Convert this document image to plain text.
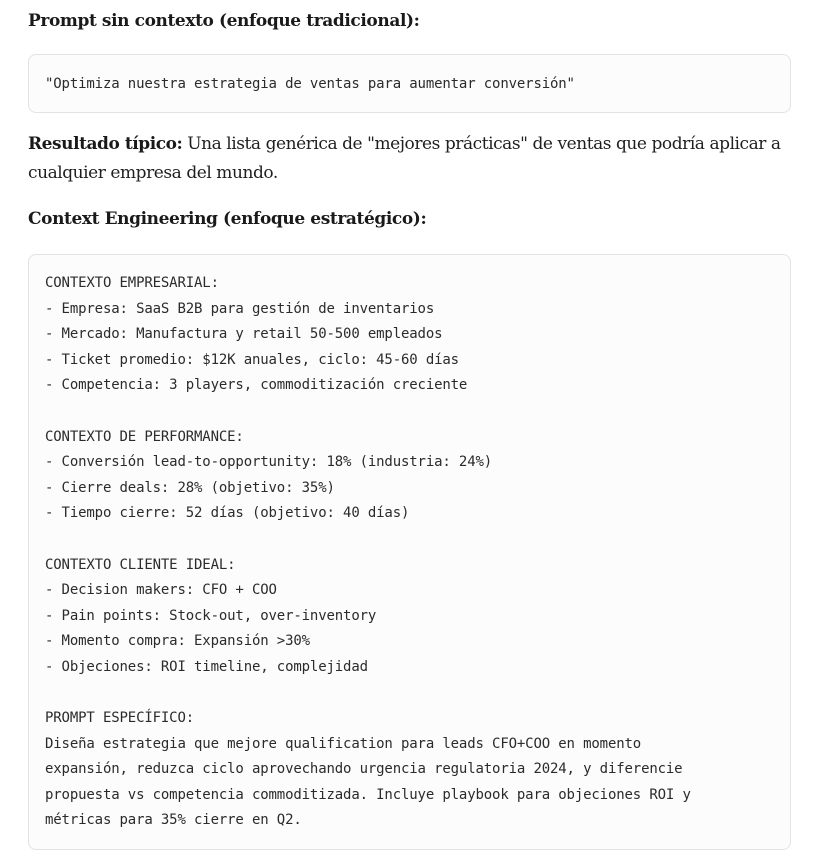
Prompt sin contexto (enfoque tradicional):
"Optimiza nuestra estrategia de ventas para aumentar conversión"

Resultado típico: Una lista genérica de "mejores prácticas" de ventas que podría aplicar a cualquier empresa del mundo.

Context Engineering (enfoque estratégico):
CONTEXTO EMPRESARIAL:
- Empresa: SaaS B2B para gestión de inventarios
- Mercado: Manufactura y retail 50-500 empleados
- Ticket promedio: $12K anuales, ciclo: 45-60 días
- Competencia: 3 players, commoditización creciente

CONTEXTO DE PERFORMANCE:
- Conversión lead-to-opportunity: 18% (industria: 24%)
- Cierre deals: 28% (objetivo: 35%)
- Tiempo cierre: 52 días (objetivo: 40 días)

CONTEXTO CLIENTE IDEAL:
- Decision makers: CFO + COO
- Pain points: Stock-out, over-inventory
- Momento compra: Expansión >30%
- Objeciones: ROI timeline, complejidad

PROMPT ESPECÍFICO:
Diseña estrategia que mejore qualification para leads CFO+COO en momento
expansión, reduzca ciclo aprovechando urgencia regulatoria 2024, y diferencie
propuesta vs competencia commoditizada. Incluye playbook para objeciones ROI y
métricas para 35% cierre en Q2.
